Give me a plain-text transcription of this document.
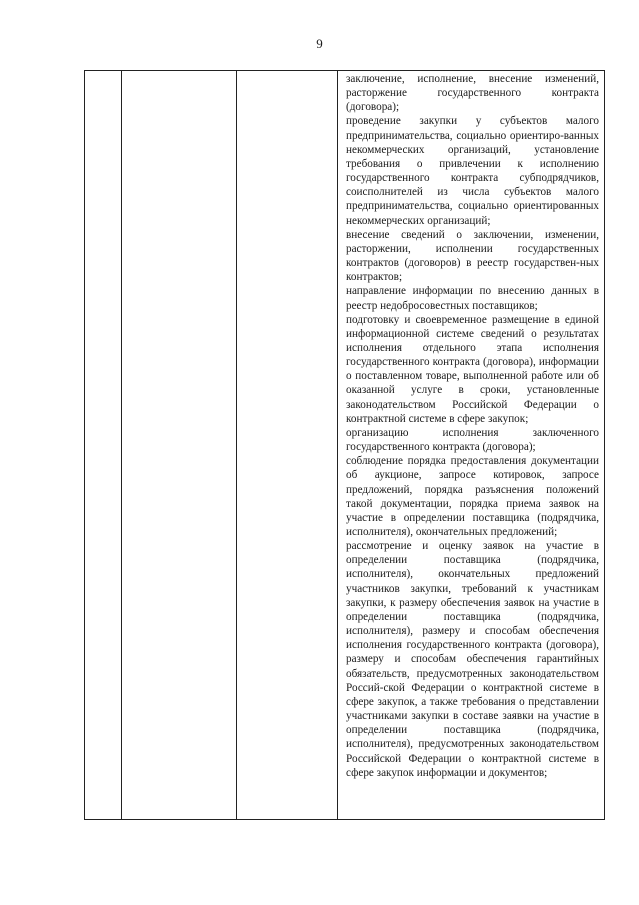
9

заключение, исполнение, внесение изменений, расторжение государственного контракта (договора);

проведение закупки у субъектов малого предпринимательства, социально ориентиро-ванных некоммерческих организаций, установление требования о привлечении к исполнению государственного контракта субподрядчиков, соисполнителей из числа субъектов малого предпринимательства, социально ориентированных некоммерческих организаций;

внесение сведений о заключении, изменении, расторжении, исполнении государственных контрактов (договоров) в реестр государствен-ных контрактов;

направление информации по внесению данных в реестр недобросовестных поставщиков;

подготовку и своевременное размещение в единой информационной системе сведений о результатах исполнения отдельного этапа исполнения государственного контракта (договора), информации о поставленном товаре, выполненной работе или об оказанной услуге в сроки, установленные законодательством Российской Федерации о контрактной системе в сфере закупок;

организацию исполнения заключенного государственного контракта (договора);

соблюдение порядка предоставления документации об аукционе, запросе котировок, запросе предложений, порядка разъяснения положений такой документации, порядка приема заявок на участие в определении поставщика (подрядчика, исполнителя), окончательных предложений;

рассмотрение и оценку заявок на участие в определении поставщика (подрядчика, исполнителя), окончательных предложений участников закупки, требований к участникам закупки, к размеру обеспечения заявок на участие в определении поставщика (подрядчика, исполнителя), размеру и способам обеспечения исполнения государственного контракта (договора), размеру и способам обеспечения гарантийных обязательств, предусмотренных законодательством Россий-ской Федерации о контрактной системе в сфере закупок, а также требования о представлении участниками закупки в составе заявки на участие в определении поставщика (подрядчика, исполнителя), предусмотренных законодательством Российской Федерации о контрактной системе в сфере закупок информации и документов;
